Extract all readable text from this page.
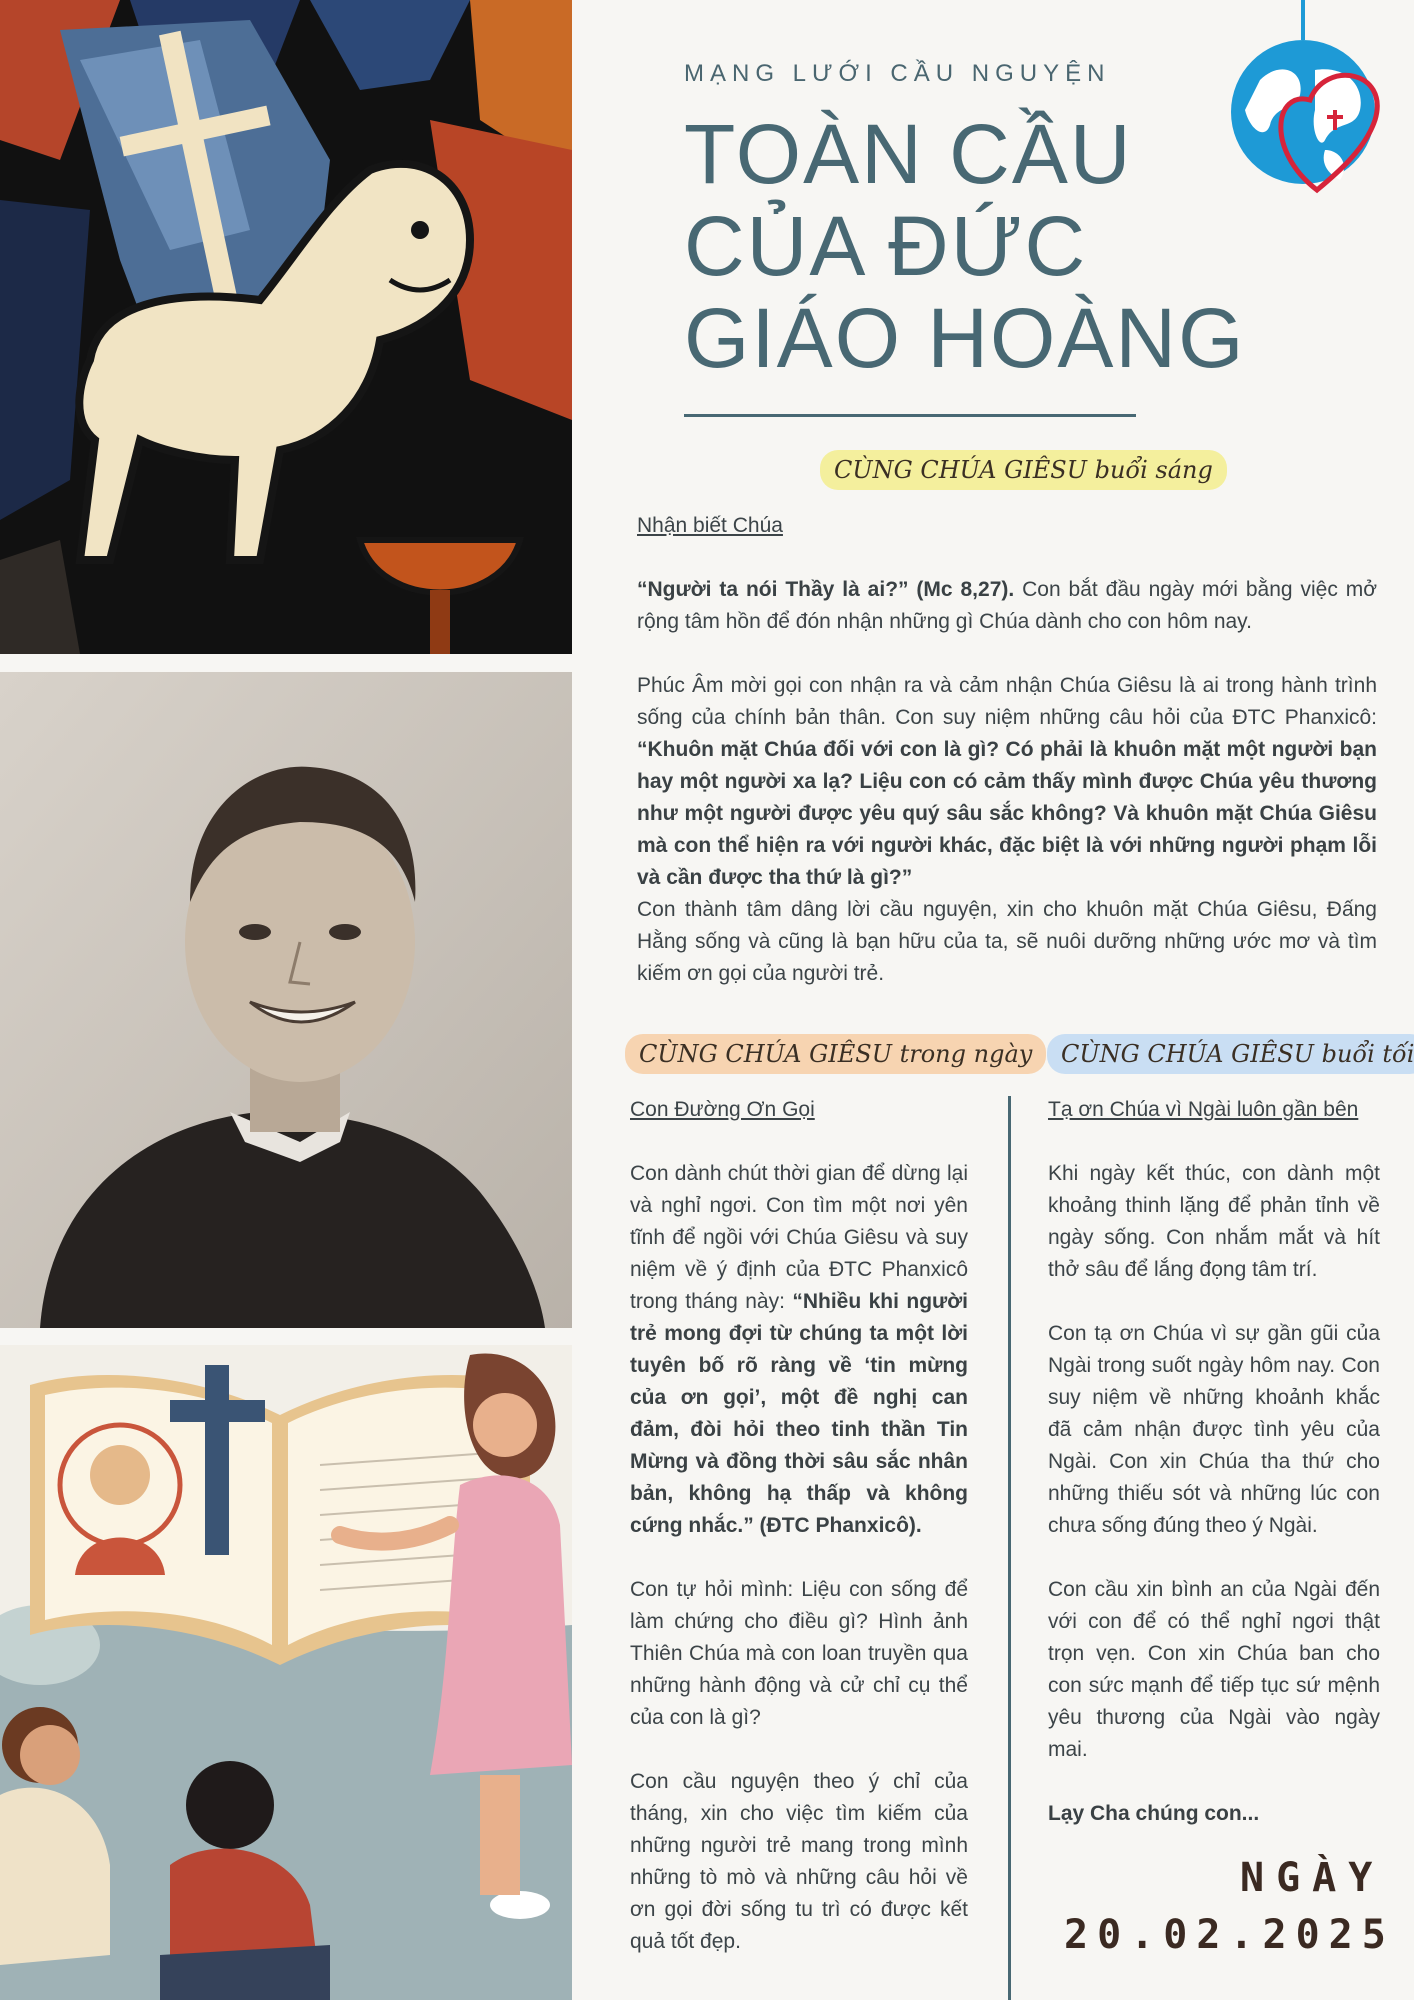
MẠNG LƯỚI CẦU NGUYỆN
TOÀN CẦU
CỦA ĐỨC
GIÁO HOÀNG
CÙNG CHÚA GIÊSU buổi sáng

Nhận biết Chúa

“Người ta nói Thầy là ai?” (Mc 8,27). Con bắt đầu ngày mới bằng việc mở rộng tâm hồn để đón nhận những gì Chúa dành cho con hôm nay.

Phúc Âm mời gọi con nhận ra và cảm nhận Chúa Giêsu là ai trong hành trình sống của chính bản thân. Con suy niệm những câu hỏi của ĐTC Phanxicô: “Khuôn mặt Chúa đối với con là gì? Có phải là khuôn mặt một người bạn hay một người xa lạ? Liệu con có cảm thấy mình được Chúa yêu thương như một người được yêu quý sâu sắc không? Và khuôn mặt Chúa Giêsu mà con thể hiện ra với người khác, đặc biệt là với những người phạm lỗi và cần được tha thứ là gì?”

Con thành tâm dâng lời cầu nguyện, xin cho khuôn mặt Chúa Giêsu, Đấng Hằng sống và cũng là bạn hữu của ta, sẽ nuôi dưỡng những ước mơ và tìm kiếm ơn gọi của người trẻ.

CÙNG CHÚA GIÊSU trong ngày

Con Đường Ơn Gọi

Con dành chút thời gian để dừng lại và nghỉ ngơi. Con tìm một nơi yên tĩnh để ngồi với Chúa Giêsu và suy niệm về ý định của ĐTC Phanxicô trong tháng này: “Nhiều khi người trẻ mong đợi từ chúng ta một lời tuyên bố rõ ràng về ‘tin mừng của ơn gọi’, một đề nghị can đảm, đòi hỏi theo tinh thần Tin Mừng và đồng thời sâu sắc nhân bản, không hạ thấp và không cứng nhắc.” (ĐTC Phanxicô).

Con tự hỏi mình: Liệu con sống để làm chứng cho điều gì? Hình ảnh Thiên Chúa mà con loan truyền qua những hành động và cử chỉ cụ thể của con là gì?

Con cầu nguyện theo ý chỉ của tháng, xin cho việc tìm kiếm của những người trẻ mang trong mình những tò mò và những câu hỏi về ơn gọi đời sống tu trì có được kết quả tốt đẹp.

CÙNG CHÚA GIÊSU buổi tối

Tạ ơn Chúa vì Ngài luôn gần bên

Khi ngày kết thúc, con dành một khoảng thinh lặng để phản tỉnh về ngày sống. Con nhắm mắt và hít thở sâu để lắng đọng tâm trí.

Con tạ ơn Chúa vì sự gần gũi của Ngài trong suốt ngày hôm nay. Con suy niệm về những khoảnh khắc đã cảm nhận được tình yêu của Ngài. Con xin Chúa tha thứ cho những thiếu sót và những lúc con chưa sống đúng theo ý Ngài.

Con cầu xin bình an của Ngài đến với con để có thể nghỉ ngơi thật trọn vẹn. Con xin Chúa ban cho con sức mạnh để tiếp tục sứ mệnh yêu thương của Ngài vào ngày mai.

Lạy Cha chúng con...

NGÀY
20.02.2025
